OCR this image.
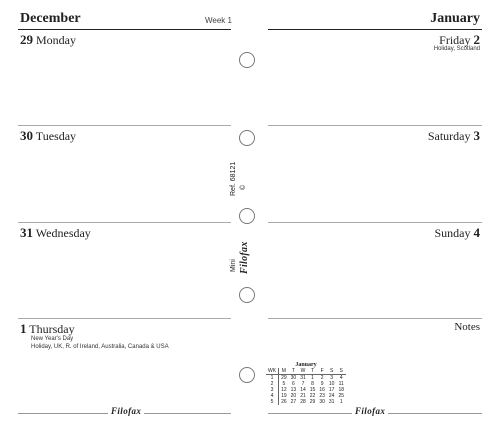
December	Week 1	January
29 Monday
30 Tuesday
31 Wednesday
1 Thursday
New Year's Day
Holiday, UK, R. of Ireland, Australia, Canada & USA
Friday 2
Holiday, Scotland
Saturday 3
Sunday 4
Notes
Ref. 68121 ©
Mini Filofax
January
WK	M	T	W	T	F	S	S
1	29	30	31	1	2	3	4
2	5	6	7	8	9	10	11
3	12	13	14	15	16	17	18
4	19	20	21	22	23	24	25
5	26	27	28	29	30	31	1
Filofax	Filofax
